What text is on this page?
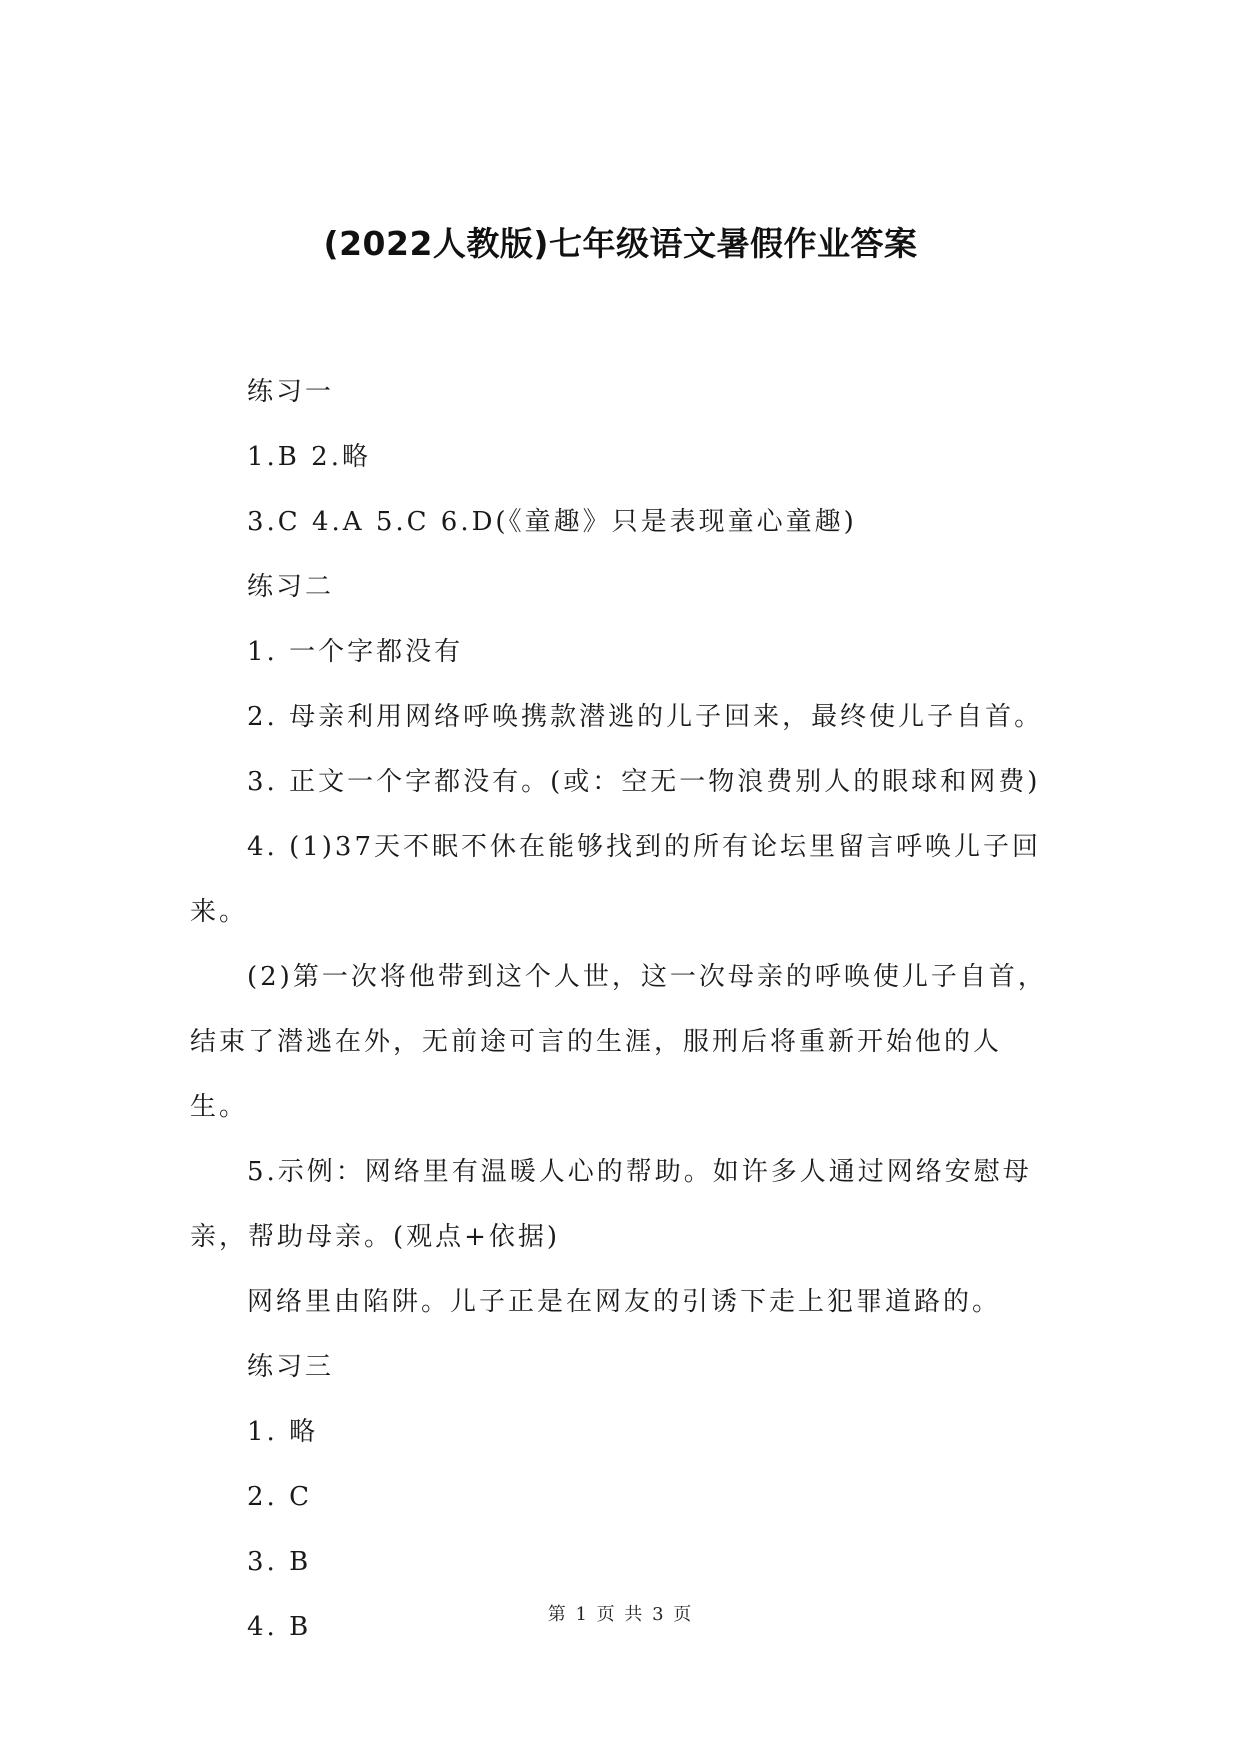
(2022人教版)七年级语文暑假作业答案

练习一

1.B 2.略

3.C 4.A 5.C 6.D(《童趣》只是表现童心童趣)

练习二

1. 一个字都没有

2. 母亲利用网络呼唤携款潜逃的儿子回来，最终使儿子自首。

3. 正文一个字都没有。(或：空无一物浪费别人的眼球和网费)

4. (1)37天不眠不休在能够找到的所有论坛里留言呼唤儿子回来。

(2)第一次将他带到这个人世，这一次母亲的呼唤使儿子自首，结束了潜逃在外，无前途可言的生涯，服刑后将重新开始他的人生。

5.示例：网络里有温暖人心的帮助。如许多人通过网络安慰母亲，帮助母亲。(观点+依据)

网络里由陷阱。儿子正是在网友的引诱下走上犯罪道路的。

练习三

1. 略

2. C

3. B

4. B	第 1 页 共 3 页
